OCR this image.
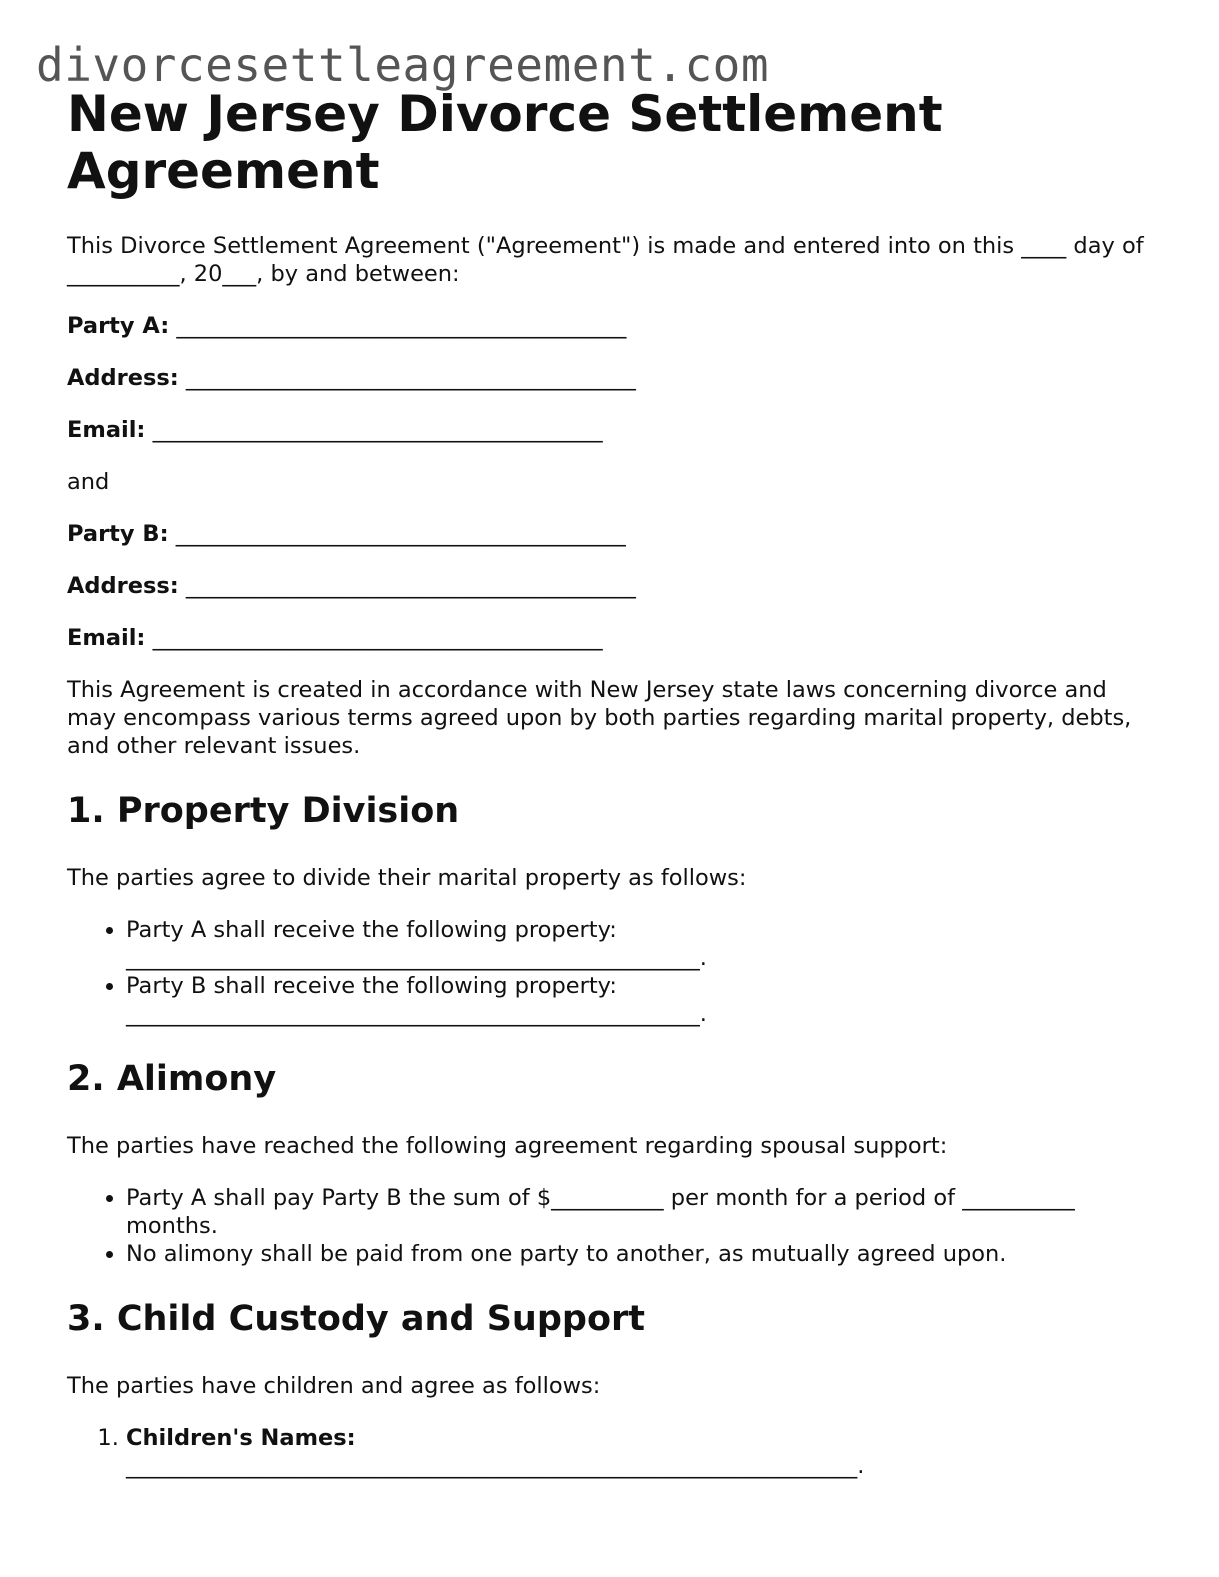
divorcesettleagreement.com
New Jersey Divorce Settlement Agreement

This Divorce Settlement Agreement ("Agreement") is made and entered into on this ____ day of __________, 20___, by and between:

Party A: ________________________________________

Address: ________________________________________

Email: ________________________________________

and

Party B: ________________________________________

Address: ________________________________________

Email: ________________________________________

This Agreement is created in accordance with New Jersey state laws concerning divorce and may encompass various terms agreed upon by both parties regarding marital property, debts, and other relevant issues.

1. Property Division

The parties agree to divide their marital property as follows:

• Party A shall receive the following property: ___________________________________________________.
• Party B shall receive the following property: ___________________________________________________.
2. Alimony

The parties have reached the following agreement regarding spousal support:

• Party A shall pay Party B the sum of $__________ per month for a period of __________ months.
• No alimony shall be paid from one party to another, as mutually agreed upon.
3. Child Custody and Support

The parties have children and agree as follows:

1. Children's Names: _________________________________________________________________.
